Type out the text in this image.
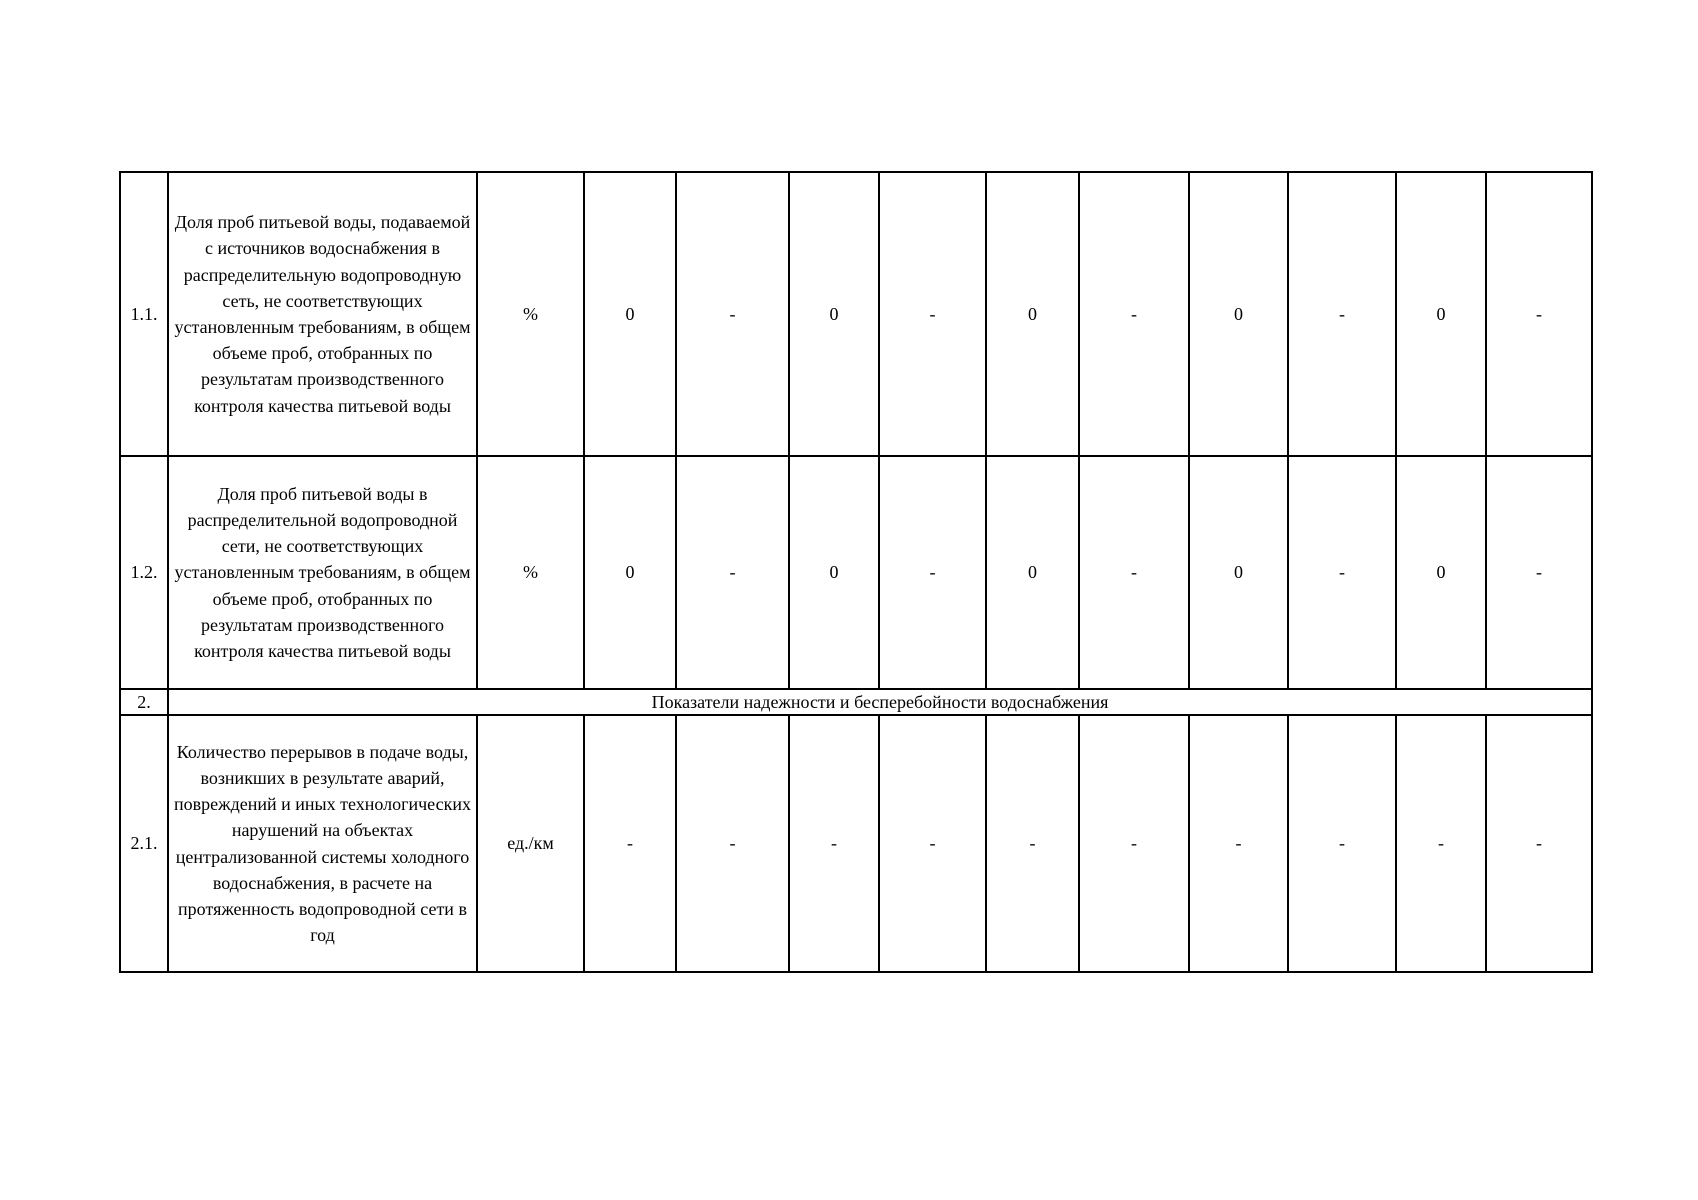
1.1.	Доля проб питьевой воды, подаваемой с источников водоснабжения в распределительную водопроводную сеть, не соответствующих установленным требованиям, в общем объеме проб, отобранных по результатам производственного контроля качества питьевой воды	%	0	-	0	-	0	-	0	-	0	-
1.2.	Доля проб питьевой воды в распределительной водопроводной сети, не соответствующих установленным требованиям, в общем объеме проб, отобранных по результатам производственного контроля качества питьевой воды	%	0	-	0	-	0	-	0	-	0	-
2.	Показатели надежности и бесперебойности водоснабжения											
2.1.	Количество перерывов в подаче воды, возникших в результате аварий, повреждений и иных технологических нарушений на объектах централизованной системы холодного водоснабжения, в расчете на протяженность водопроводной сети в год	ед./км	-	-	-	-	-	-	-	-	-	-
